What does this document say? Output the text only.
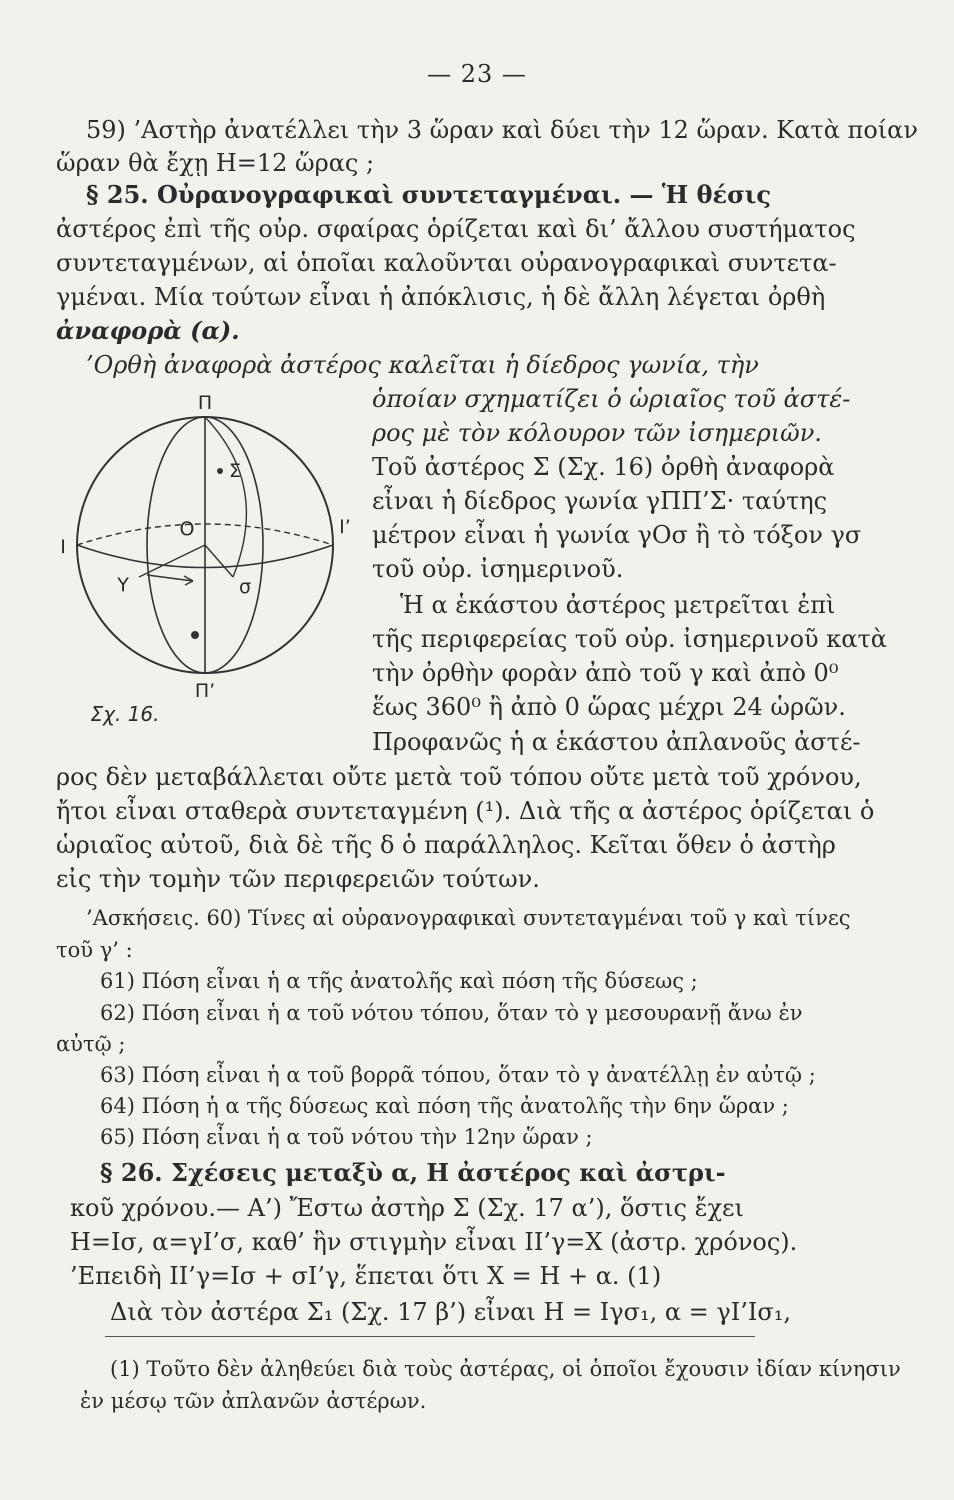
— 23 —
59) ’Αστὴρ ἀνατέλλει τὴν 3 ὥραν καὶ δύει τὴν 12 ὥραν. Κατὰ ποίαν
ὥραν θὰ ἔχῃ Η=12 ὥρας ;
§ 25. Οὐρανογραφικαὶ συντεταγμέναι. — Ἡ θέσις
ἀστέρος ἐπὶ τῆς οὐρ. σφαίρας ὁρίζεται καὶ δι’ ἄλλου συστήματος
συντεταγμένων, αἱ ὁποῖαι καλοῦνται οὐρανογραφικαὶ συντετα-
γμέναι. Μία τούτων εἶναι ἡ ἀπόκλισις, ἡ δὲ ἄλλη λέγεται ὀρθὴ
ἀναφορὰ (α).
’Ορθὴ ἀναφορὰ ἀστέρος καλεῖται ἡ δίεδρος γωνία, τὴν
ὁποίαν σχηματίζει ὁ ὡριαῖος τοῦ ἀστέ-
ρος μὲ τὸν κόλουρον τῶν ἰσημεριῶν.
Τοῦ ἀστέρος Σ (Σχ. 16) ὀρθὴ ἀναφορὰ
εἶναι ἡ δίεδρος γωνία γΠΠ’Σ· ταύτης
μέτρον εἶναι ἡ γωνία γΟσ ἢ τὸ τόξον γσ
τοῦ οὐρ. ἰσημερινοῦ.
Ἡ α ἑκάστου ἀστέρος μετρεῖται ἐπὶ
τῆς περιφερείας τοῦ οὐρ. ἰσημερινοῦ κατὰ
τὴν ὀρθὴν φορὰν ἀπὸ τοῦ γ καὶ ἀπὸ 0⁰
ἕως 360⁰ ἢ ἀπὸ 0 ὥρας μέχρι 24 ὡρῶν.
Προφανῶς ἡ α ἑκάστου ἀπλανοῦς ἀστέ-
ρος δὲν μεταβάλλεται οὔτε μετὰ τοῦ τόπου οὔτε μετὰ τοῦ χρόνου,
ἤτοι εἶναι σταθερὰ συντεταγμένη (¹). Διὰ τῆς α ἀστέρος ὁρίζεται ὁ
ὡριαῖος αὐτοῦ, διὰ δὲ τῆς δ ὁ παράλληλος. Κεῖται ὅθεν ὁ ἀστὴρ
εἰς τὴν τομὴν τῶν περιφερειῶν τούτων.
’Ασκήσεις. 60) Τίνες αἱ οὐρανογραφικαὶ συντεταγμέναι τοῦ γ καὶ τίνες
τοῦ γ’ :
61) Πόση εἶναι ἡ α τῆς ἀνατολῆς καὶ πόση τῆς δύσεως ;
62) Πόση εἶναι ἡ α τοῦ νότου τόπου, ὅταν τὸ γ μεσουρανῇ ἄνω ἐν
αὐτῷ ;
63) Πόση εἶναι ἡ α τοῦ βορρᾶ τόπου, ὅταν τὸ γ ἀνατέλλῃ ἐν αὐτῷ ;
64) Πόση ἡ α τῆς δύσεως καὶ πόση τῆς ἀνατολῆς τὴν 6ην ὥραν ;
65) Πόση εἶναι ἡ α τοῦ νότου τὴν 12ην ὥραν ;
§ 26. Σχέσεις μεταξὺ α, Η ἀστέρος καὶ ἀστρι-
κοῦ χρόνου.— Α’) Ἔστω ἀστὴρ Σ (Σχ. 17 α’), ὅστις ἔχει
Η=Ισ, α=γΙ’σ, καθ’ ἣν στιγμὴν εἶναι ΙΙ’γ=Χ (ἀστρ. χρόνος).
’Επειδὴ ΙΙ’γ=Ισ + σΙ’γ, ἕπεται ὅτι Χ = Η + α. (1)
Διὰ τὸν ἀστέρα Σ₁ (Σχ. 17 β’) εἶναι Η = Ιγσ₁, α = γΙ’Ισ₁,
(1) Τοῦτο δὲν ἀληθεύει διὰ τοὺς ἀστέρας, οἱ ὁποῖοι ἔχουσιν ἰδίαν κίνησιν
ἐν μέσῳ τῶν ἀπλανῶν ἀστέρων.
Π
Π’
Ι
Ι’
Ο
Υ	σ
Σ
Σχ. 16.
